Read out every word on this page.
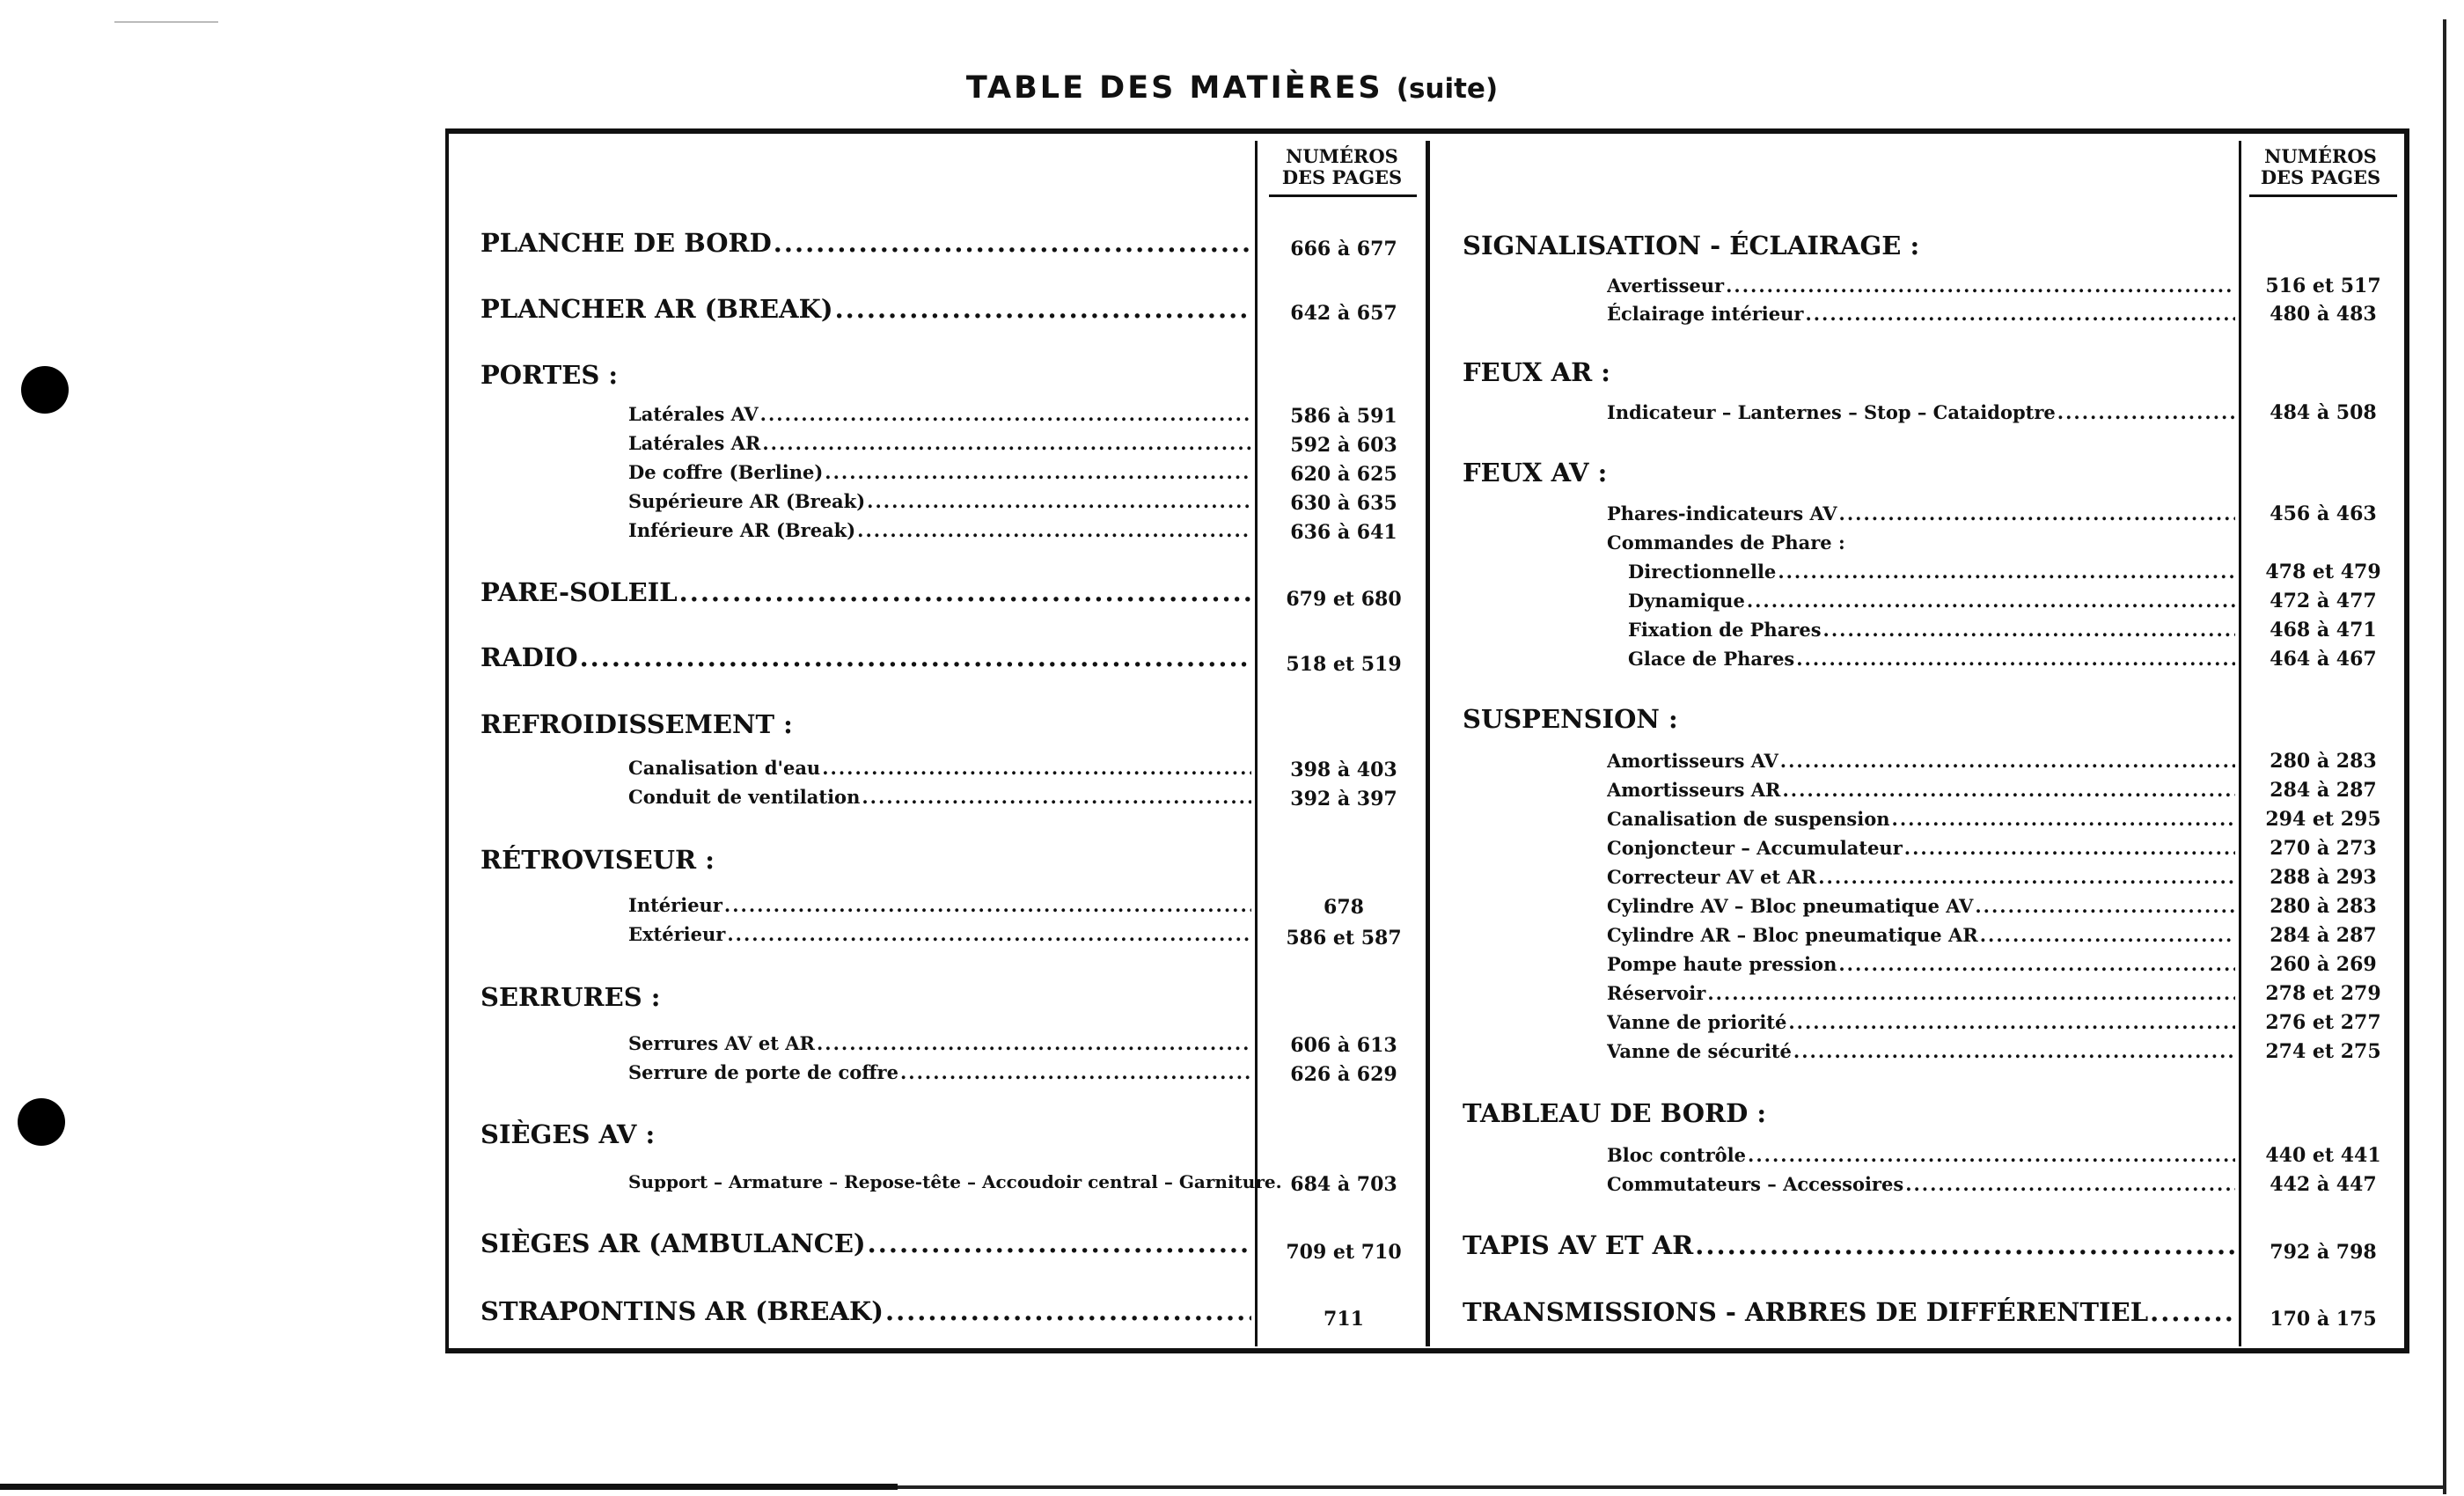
TABLE DES MATIÈRES (suite)
NUMÉROS
DES PAGES
NUMÉROS
DES PAGES
PLANCHE DE BORD .....	666 à 677
PLANCHER AR (BREAK) .....	642 à 657
PORTES :
Latérales AV .....	586 à 591
Latérales AR .....	592 à 603
De coffre (Berline) .....	620 à 625
Supérieure AR (Break) .....	630 à 635
Inférieure AR (Break) .....	636 à 641
PARE-SOLEIL .....	679 et 680
RADIO .....	518 et 519
REFROIDISSEMENT :
Canalisation d'eau .....	398 à 403
Conduit de ventilation .....	392 à 397
RÉTROVISEUR :
Intérieur .....	678
Extérieur .....	586 et 587
SERRURES :
Serrures AV et AR .....	606 à 613
Serrure de porte de coffre .....	626 à 629
SIÈGES AV :
Support – Armature – Repose-tête – Accoudoir central – Garniture. 684 à 703
SIÈGES AR (AMBULANCE) .....	709 et 710
STRAPONTINS AR (BREAK) .....	711
SIGNALISATION - ÉCLAIRAGE :
Avertisseur .....	516 et 517
Éclairage intérieur .....	480 à 483
FEUX AR :
Indicateur – Lanternes – Stop – Cataidoptre .....	484 à 508
FEUX AV :
Phares-indicateurs AV .....	456 à 463
Commandes de Phare :
Directionnelle .....	478 et 479
Dynamique .....	472 à 477
Fixation de Phares .....	468 à 471
Glace de Phares .....	464 à 467
SUSPENSION :
Amortisseurs AV .....	280 à 283
Amortisseurs AR .....	284 à 287
Canalisation de suspension .....	294 et 295
Conjoncteur – Accumulateur .....	270 à 273
Correcteur AV et AR .....	288 à 293
Cylindre AV – Bloc pneumatique AV .....	280 à 283
Cylindre AR – Bloc pneumatique AR .....	284 à 287
Pompe haute pression .....	260 à 269
Réservoir .....	278 et 279
Vanne de priorité .....	276 et 277
Vanne de sécurité .....	274 et 275
TABLEAU DE BORD :
Bloc contrôle .....	440 et 441
Commutateurs – Accessoires .....	442 à 447
TAPIS AV ET AR .....	792 à 798
TRANSMISSIONS - ARBRES DE DIFFÉRENTIEL .....	170 à 175
